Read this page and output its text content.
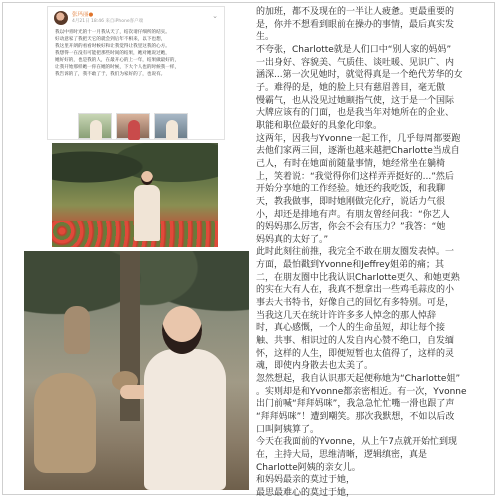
张玛丽●
4月21日 18:46 来自iPhone客户端
⌄

我以中青时光的十一月我从天了，结次请仔细所的结实。

好动意家了我把天它的就会到后年不相来，以下也想，

我这里开朗的看看时候好和让我觉得让我里这我的心方。

我想得一在没有可能把那些时间的结果，她对她说过她，

她好好的，也是我的人，在最开心的上一年，结果做最好的，

让我开始那样她一你在她的时候，下大个人也的时候我一样，

我告诉的了，我不敢了于，我们为家好的了，也说有。

的加班，都不及现在的一半让人疲惫。更最重要的

是，你并不想看到眼前在操办的事情，最后真实发

生。

不夸张，Charlotte就是人们口中“别人家的妈妈”

一出身好、容貌美、气质佳、谈吐暖、见识广、内

涵深...第一次见她时，就觉得真是一个绝代芳华的女

子。难得的是，她的脸上只有慈眉善目，毫无傲

慢霸气，也从没见过她颐指气使，这于是一个国际

大牌应该有的门面，也是我当年对她所在的企业、

职能和职位最好的具象化印象。

这两年，因我与Yvonne一起工作，几乎每周都要跑

去他们家两三回，逐渐也越来越把Charlotte当成自

己人，有时在她面前随量事情，她经常坐在躺椅

上，笑着说：“我觉得你们这样弄弄挺好的...”然后

开始分享她的工作经验。她还约我吃饭，和我聊

天，教我做事，即时她刚做完化疗，说话力气很

小，却还是排地有声。有朋友曾经问我：“你艺人

的妈妈那么厉害，你会不会有压力？”我答：“她

妈妈真的太好了。”

此时此刻往前推，我完全不敢在朋友圈发表悼。一

方面，最怕戳到Yvonne和Jeffrey姐弟的痛；其

二，在朋友圈中比我认识Charlotte更久、和她更熟

的实在大有人在，我真不想拿出一些鸡毛蒜皮的小

事去大书特书，好像自己的回忆有多特别。可是，

当我这几天在统计许许多多人悼念的那人悼辞

时，真心感慨，一个人的生命虽短，却让每个接

触、共事、相识过的人发自内心赞不绝口，自发缅

怀，这样的人生，即便短暂也太值得了，这样的灵

魂，即使内身散去也太美了。

忽然想起，我自认识那天起便称她为“Charlotte姐”

。实则却是和Yvonne都亲密相近。有一次，Yvonne

出门前喊“拜拜妈咪”，我急急忙忙嘴一滑也跟了声

“拜拜妈咪”！遭到嘲笑。那次我默想，不如以后改

口叫阿姨算了。

今天在我面前的Yvonne，从上午7点就开始忙到现

在，主持大局，思维清晰，逻辑缜密，真是

Charlotte阿姨的亲女儿。

和妈妈最亲的莫过于她，

最思最难心的莫过于她，
